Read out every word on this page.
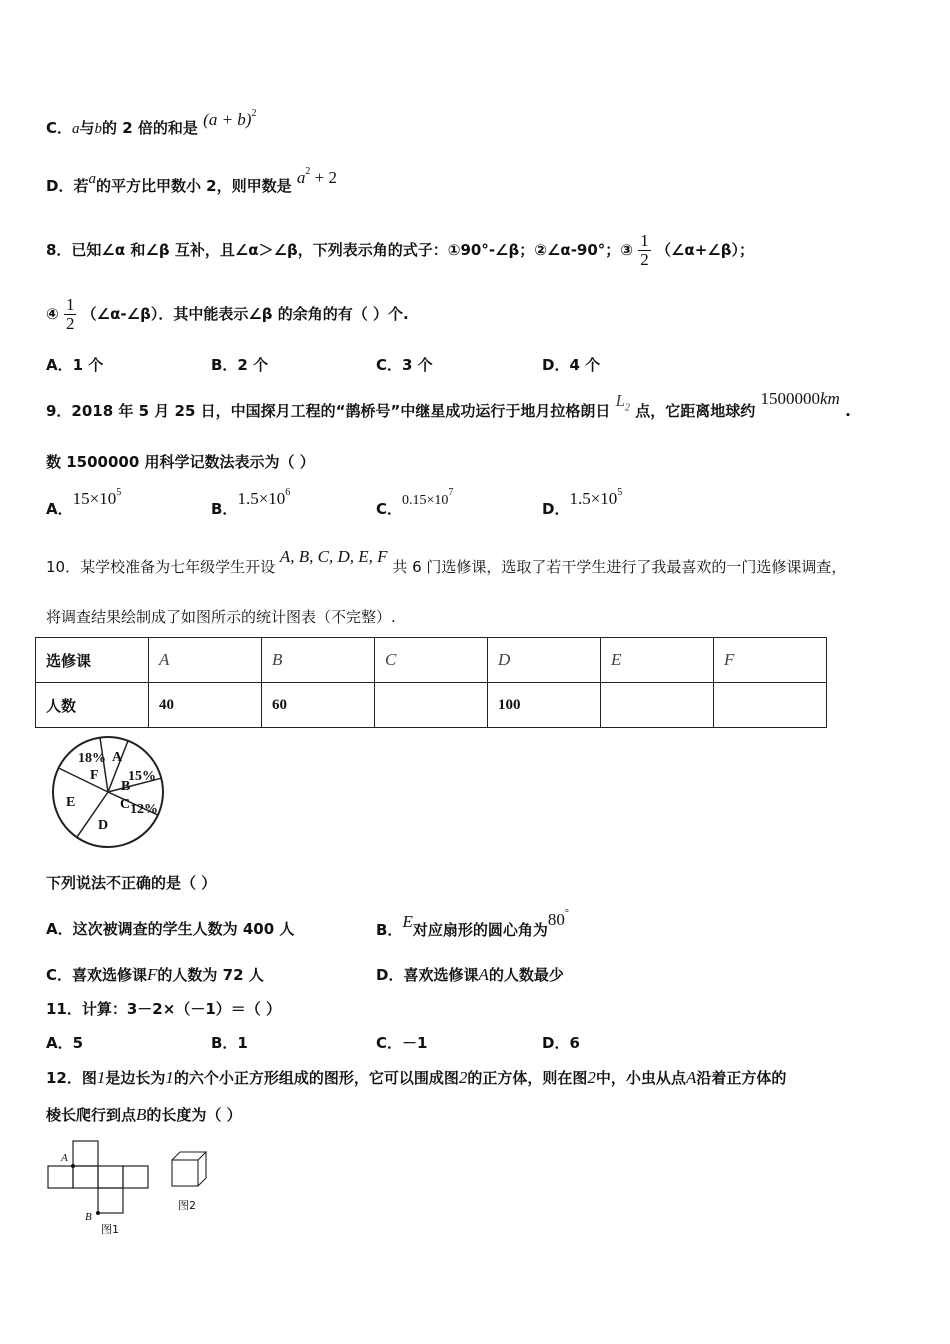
C．a与b的 2 倍的和是 $(a + b)^2$
D．若a的平方比甲数小 2，则甲数是 $a^2 + 2$
8．已知∠α 和∠β 互补，且∠α＞∠β，下列表示角的式子：①90°‑∠β；②∠α‑90°；③ $\frac{1}{2}$ （∠α+∠β）；
④ $\frac{1}{2}$ （∠α‑∠β）．其中能表示∠β 的余角的有（ ）个.
A．1 个	B．2 个	C．3 个	D．4 个
9．2018 年 5 月 25 日，中国探月工程的“鹊桥号”中继星成功运行于地月拉格朗日 $L_2$ 点，它距离地球约 1500000km .
数 1500000 用科学记数法表示为（ ）
A．$15\times 10^5$
B．$1.5\times 10^6$
C．$0.15\times 10^7$
D．$1.5\times 10^5$
10．某学校准备为七年级学生开设 A, B, C, D, E, F 共 6 门选修课，选取了若干学生进行了我最喜欢的一门选修课调查，
将调查结果绘制成了如图所示的统计图表（不完整）.
选修课	A	B	C	D	E	F
人数	40	60		100		
18%
F
A
15%
B
C 12%
D
E
下列说法不正确的是（ ）
A．这次被调查的学生人数为 400 人	B．E对应扇形的圆心角为80°
C．喜欢选修课F的人数为 72 人	D．喜欢选修课A的人数最少
11．计算：3－2×（－1）＝（ ）
A．5	B．1	C．－1	D．6
12．图1是边长为1的六个小正方形组成的图形，它可以围成图2的正方体，则在图2中，小虫从点A沿着正方体的
棱长爬行到点B的长度为（ ）
A
B
图1
图2
